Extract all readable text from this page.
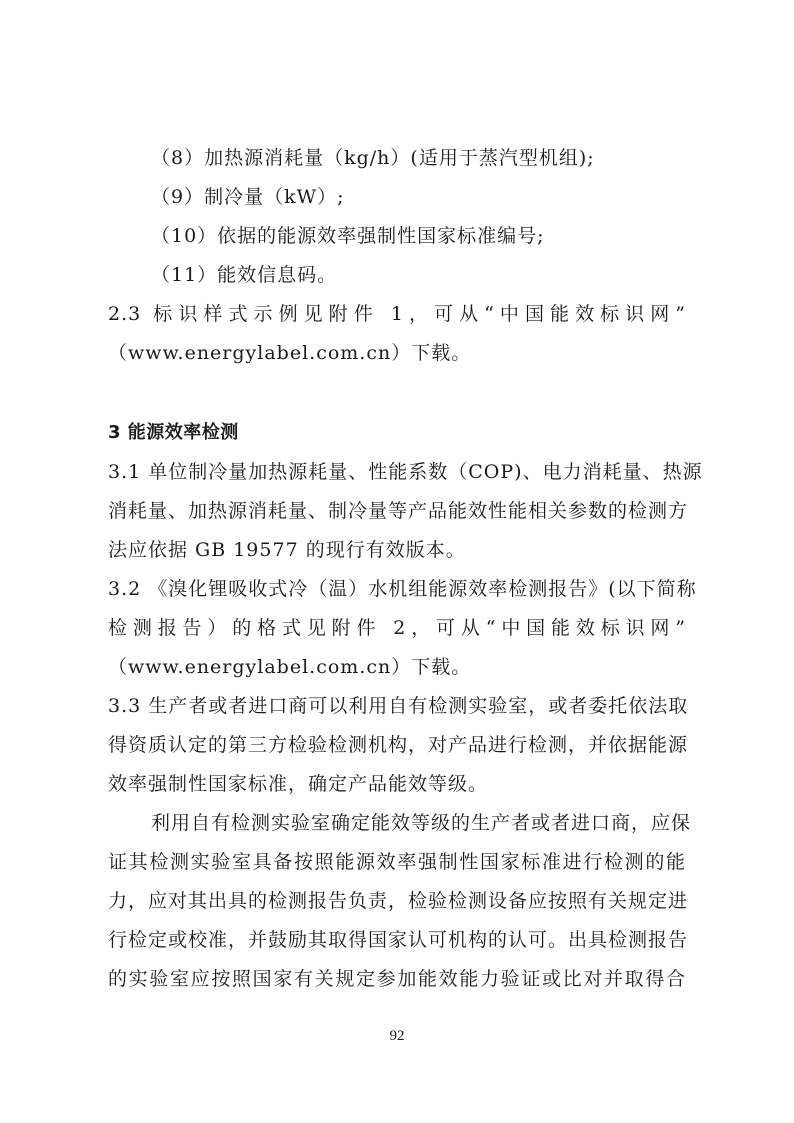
（8）加热源消耗量（kg/h）(适用于蒸汽型机组);
（9）制冷量（kW）;
（10）依据的能源效率强制性国家标准编号;
（11）能效信息码。
2.3 标识样式示例见附件 1，可从“中国能效标识网”
（www.energylabel.com.cn）下载。
3 能源效率检测
3.1 单位制冷量加热源耗量、性能系数（COP)、电力消耗量、热源
消耗量、加热源消耗量、制冷量等产品能效性能相关参数的检测方
法应依据 GB 19577 的现行有效版本。
3.2 《溴化锂吸收式冷（温）水机组能源效率检测报告》(以下简称
检测报告）的格式见附件 2，可从“中国能效标识网”
（www.energylabel.com.cn）下载。
3.3 生产者或者进口商可以利用自有检测实验室，或者委托依法取
得资质认定的第三方检验检测机构，对产品进行检测，并依据能源
效率强制性国家标准，确定产品能效等级。
利用自有检测实验室确定能效等级的生产者或者进口商，应保
证其检测实验室具备按照能源效率强制性国家标准进行检测的能
力，应对其出具的检测报告负责，检验检测设备应按照有关规定进
行检定或校准，并鼓励其取得国家认可机构的认可。出具检测报告
的实验室应按照国家有关规定参加能效能力验证或比对并取得合
92
